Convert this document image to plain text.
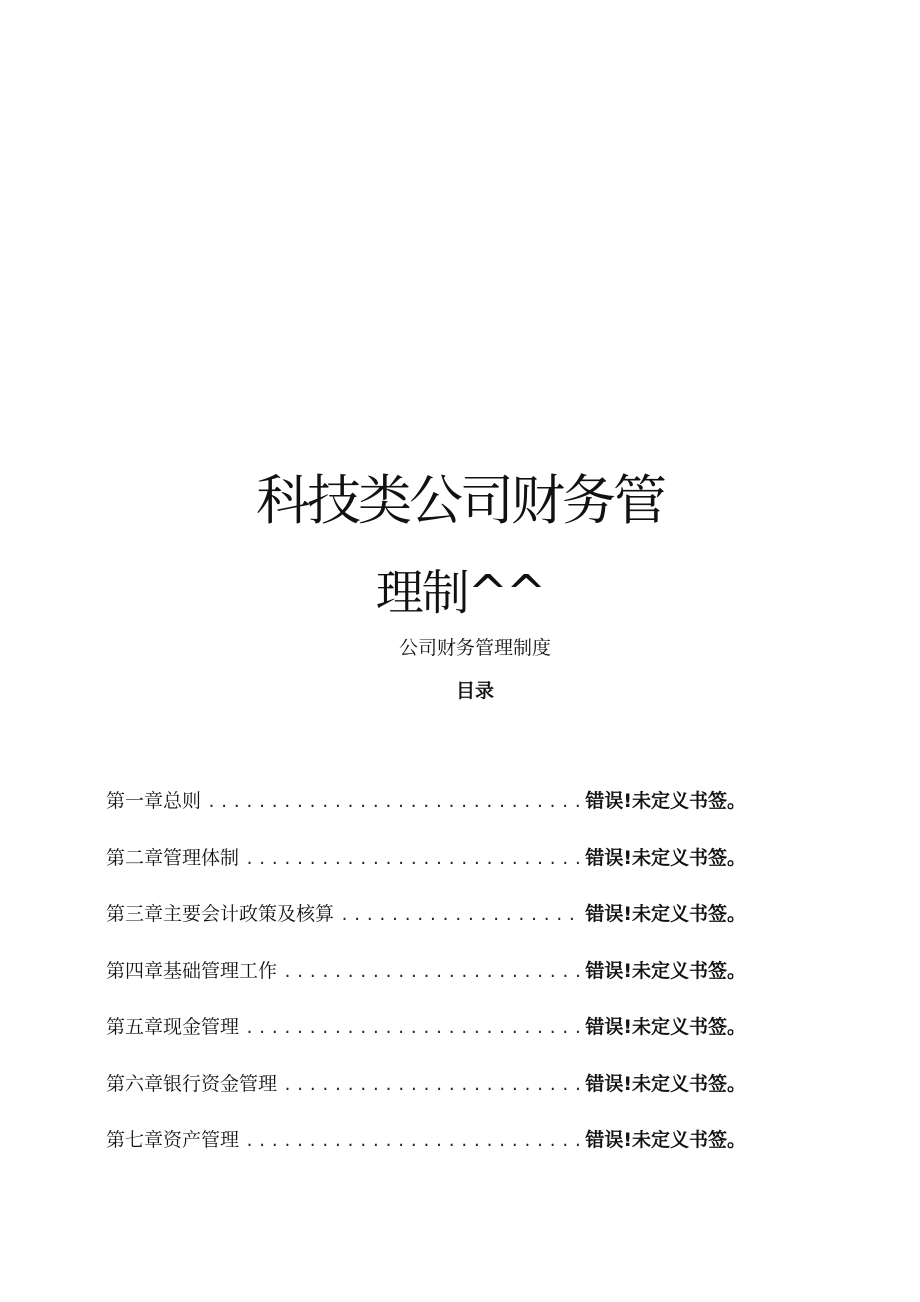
科技类公司财务管
理制^^
公司财务管理制度
目录
第一章总则 .....	错误!未定义书签。
第二章管理体制 .....	错误!未定义书签。
第三章主要会计政策及核算 .....	错误!未定义书签。
第四章基础管理工作 .....	错误!未定义书签。
第五章现金管理 .....	错误!未定义书签。
第六章银行资金管理 .....	错误!未定义书签。
第七章资产管理 .....	错误!未定义书签。
